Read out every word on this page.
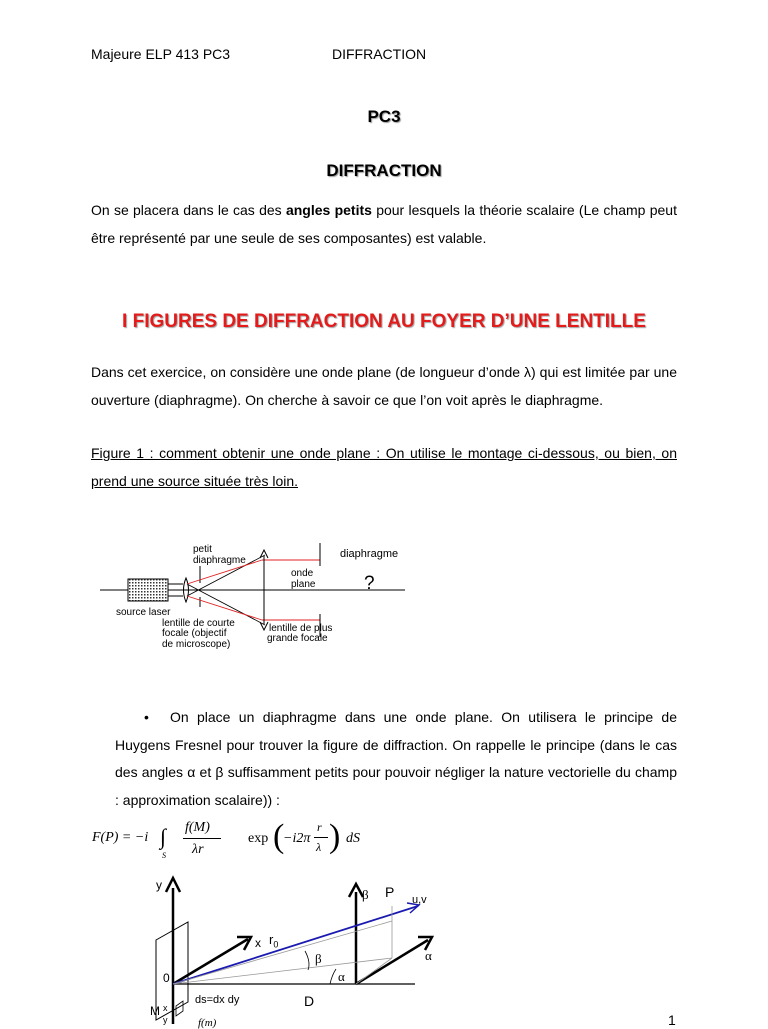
Majeure ELP 413 PC3	DIFFRACTION
PC3
DIFFRACTION
On se placera dans le cas des angles petits pour lesquels la théorie scalaire (Le champ peut être représenté par une seule de ses composantes) est valable.
I FIGURES DE DIFFRACTION AU FOYER D’UNE LENTILLE
Dans cet exercice, on considère une onde plane (de longueur d’onde λ) qui est limitée par une ouverture (diaphragme). On cherche à savoir ce que l’on voit après le diaphragme.
Figure 1 : comment obtenir une onde plane : On utilise le montage ci-dessous, ou bien, on prend une source située très loin.
petit
diaphragme
source laser
lentille de courte
focale (objectif
de microscope)
onde
plane
lentille de plus
grande focale
diaphragme
?
•	On place un diaphragme dans une onde plane. On utilisera le principe de Huygens Fresnel pour trouver la figure de diffraction. On rappelle le principe (dans le cas des angles α et β suffisamment petits pour pouvoir négliger la nature vectorielle du champ : approximation scalaire)) :
F(P) = −i ∫
S
f(M)
λr
exp (
−i2π
r
λ ) dS
y
β P u,v
x $r_0$
β
α
α
0
M x
y
ds=dx dy	D
f(m)	1
